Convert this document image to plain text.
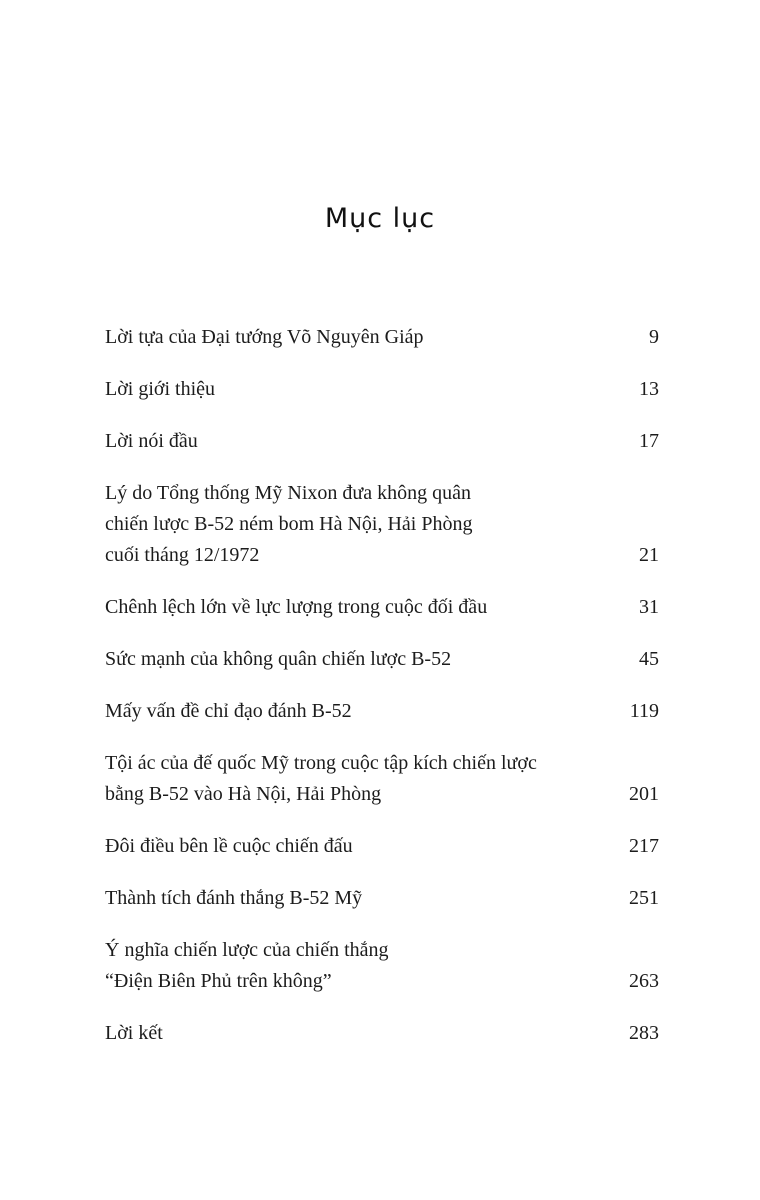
Mục lục
Lời tựa của Đại tướng Võ Nguyên Giáp	9
Lời giới thiệu	13
Lời nói đầu	17
Lý do Tổng thống Mỹ Nixon đưa không quân
chiến lược B-52 ném bom Hà Nội, Hải Phòng
cuối tháng 12/1972	21
Chênh lệch lớn về lực lượng trong cuộc đối đầu	31
Sức mạnh của không quân chiến lược B-52	45
Mấy vấn đề chỉ đạo đánh B-52	119
Tội ác của đế quốc Mỹ trong cuộc tập kích chiến lược
bằng B-52 vào Hà Nội, Hải Phòng	201
Đôi điều bên lề cuộc chiến đấu	217
Thành tích đánh thắng B-52 Mỹ	251
Ý nghĩa chiến lược của chiến thắng
“Điện Biên Phủ trên không”	263
Lời kết	283
